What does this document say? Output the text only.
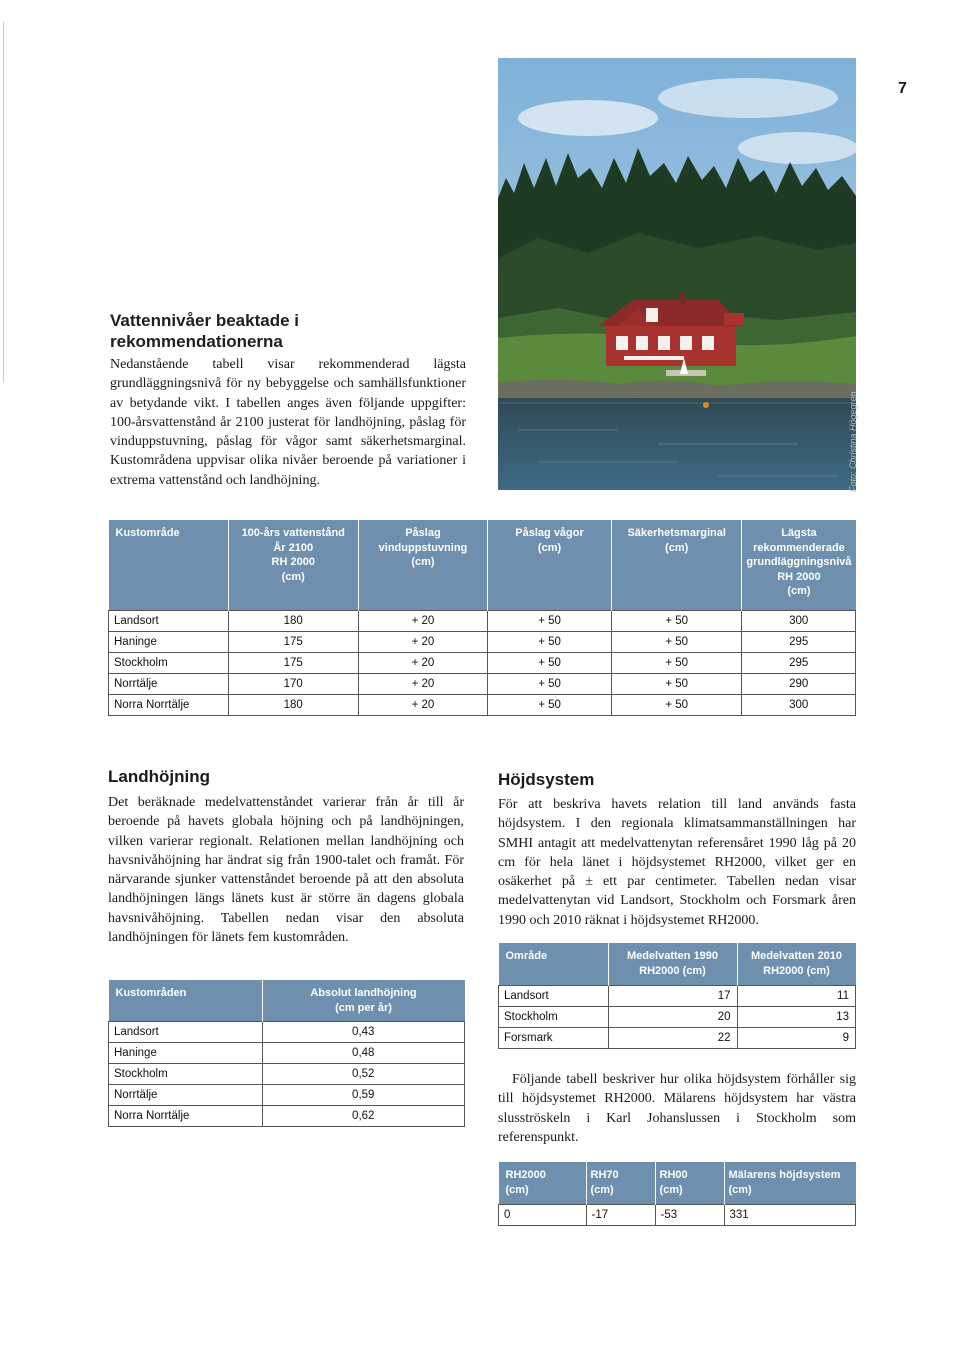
7
Foto: Christina Högegren
Vattennivåer beaktade i rekommendationerna

Nedanstående tabell visar rekommenderad lägsta grundläggningsnivå för ny bebyggelse och samhällsfunktioner av betydande vikt. I tabellen anges även följande uppgifter: 100-årsvattenstånd år 2100 justerat för landhöjning, påslag för vinduppstuvning, påslag för vågor samt säkerhetsmarginal. Kustområdena uppvisar olika nivåer beroende på variationer i extrema vattenstånd och landhöjning.

Kustområde	100-års vattenstånd
År 2100
RH 2000
(cm)	Påslag
vinduppstuvning
(cm)	Påslag vågor
(cm)	Säkerhetsmarginal
(cm)	Lägsta
rekommenderade
grundläggningsnivå
RH 2000
(cm)
Landsort	180	+ 20	+ 50	+ 50	300
Haninge	175	+ 20	+ 50	+ 50	295
Stockholm	175	+ 20	+ 50	+ 50	295
Norrtälje	170	+ 20	+ 50	+ 50	290
Norra Norrtälje	180	+ 20	+ 50	+ 50	300
Landhöjning

Det beräknade medelvattenståndet varierar från år till år beroende på havets globala höjning och på landhöjningen, vilken varierar regionalt. Relationen mellan landhöjning och havsnivåhöjning har ändrat sig från 1900-talet och framåt. För närvarande sjunker vattenståndet beroende på att den absoluta landhöjningen längs länets kust är större än dagens globala havsnivåhöjning. Tabellen nedan visar den absoluta landhöjningen för länets fem kustområden.

Kustområden	Absolut landhöjning
(cm per år)
Landsort	0,43
Haninge	0,48
Stockholm	0,52
Norrtälje	0,59
Norra Norrtälje	0,62
Höjdsystem

För att beskriva havets relation till land används fasta höjdsystem. I den regionala klimatsammanställningen har SMHI antagit att medelvattenytan referensåret 1990 låg på 20 cm för hela länet i höjdsystemet RH2000, vilket ger en osäkerhet på ± ett par centimeter. Tabellen nedan visar medelvattenytan vid Landsort, Stockholm och Forsmark åren 1990 och 2010 räknat i höjdsystemet RH2000.

Område	Medelvatten 1990
RH2000 (cm)	Medelvatten 2010
RH2000 (cm)
Landsort	17	11
Stockholm	20	13
Forsmark	22	9

Följande tabell beskriver hur olika höjdsystem förhåller sig till höjdsystemet RH2000. Mälarens höjdsystem har västra slusströskeln i Karl Johanslussen i Stockholm som referenspunkt.

RH2000
(cm)	RH70
(cm)	RH00
(cm)	Mälarens höjdsystem
(cm)
0	-17	-53	331
